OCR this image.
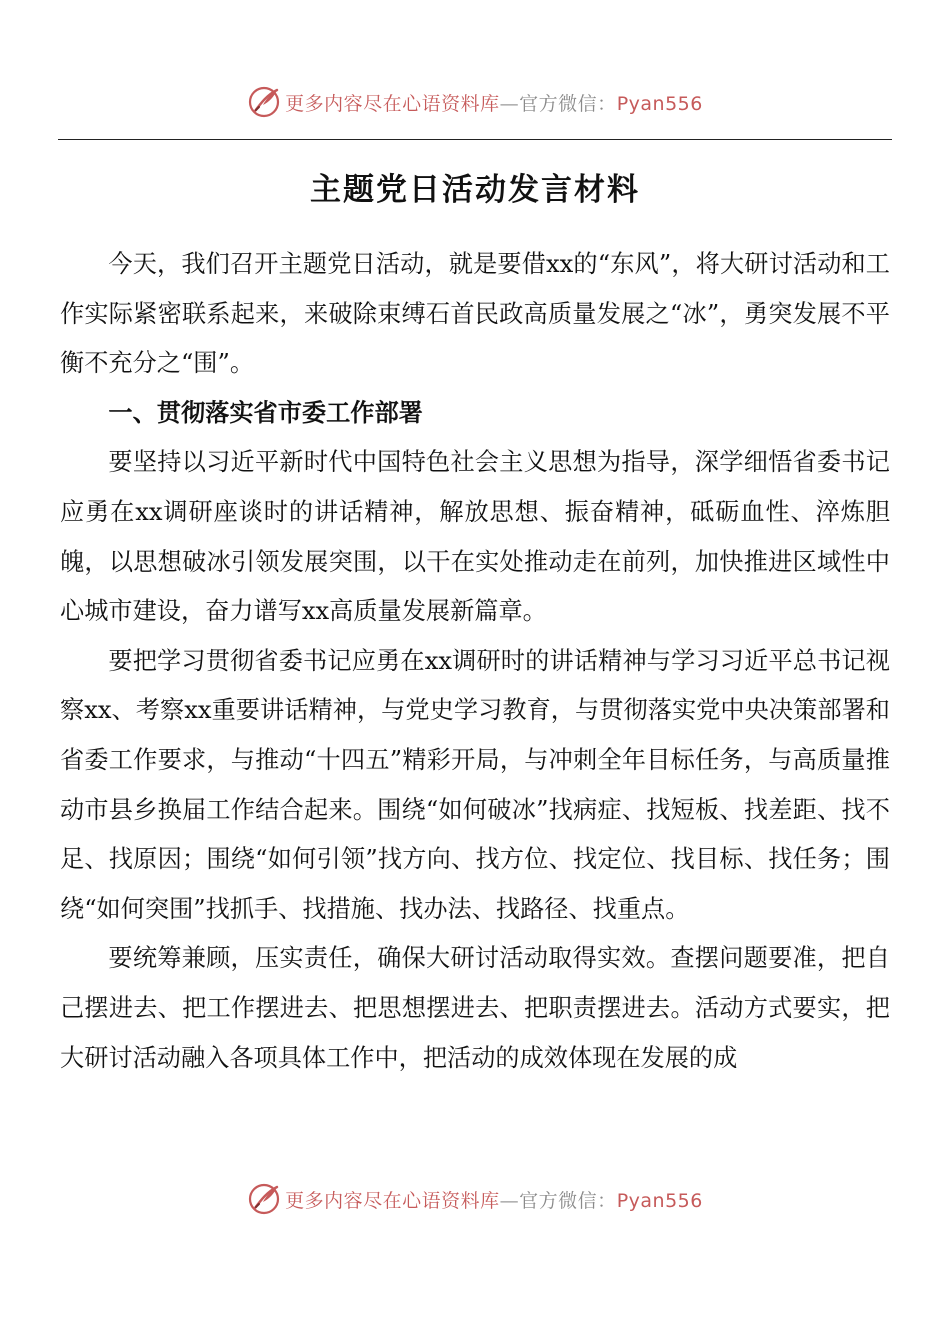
更多内容尽在心语资料库—官方微信：Pyan556
主题党日活动发言材料

今天，我们召开主题党日活动，就是要借xx的“东风”，将大研讨活动和工作实际紧密联系起来，来破除束缚石首民政高质量发展之“冰”，勇突发展不平衡不充分之“围”。

一、贯彻落实省市委工作部署

要坚持以习近平新时代中国特色社会主义思想为指导，深学细悟省委书记应勇在xx调研座谈时的讲话精神，解放思想、振奋精神，砥砺血性、淬炼胆魄，以思想破冰引领发展突围，以干在实处推动走在前列，加快推进区域性中心城市建设，奋力谱写xx高质量发展新篇章。

要把学习贯彻省委书记应勇在xx调研时的讲话精神与学习习近平总书记视察xx、考察xx重要讲话精神，与党史学习教育，与贯彻落实党中央决策部署和省委工作要求，与推动“十四五”精彩开局，与冲刺全年目标任务，与高质量推动市县乡换届工作结合起来。围绕“如何破冰”找病症、找短板、找差距、找不足、找原因；围绕“如何引领”找方向、找方位、找定位、找目标、找任务；围绕“如何突围”找抓手、找措施、找办法、找路径、找重点。

要统筹兼顾，压实责任，确保大研讨活动取得实效。查摆问题要准，把自己摆进去、把工作摆进去、把思想摆进去、把职责摆进去。活动方式要实，把大研讨活动融入各项具体工作中，把活动的成效体现在发展的成

更多内容尽在心语资料库—官方微信：Pyan556
